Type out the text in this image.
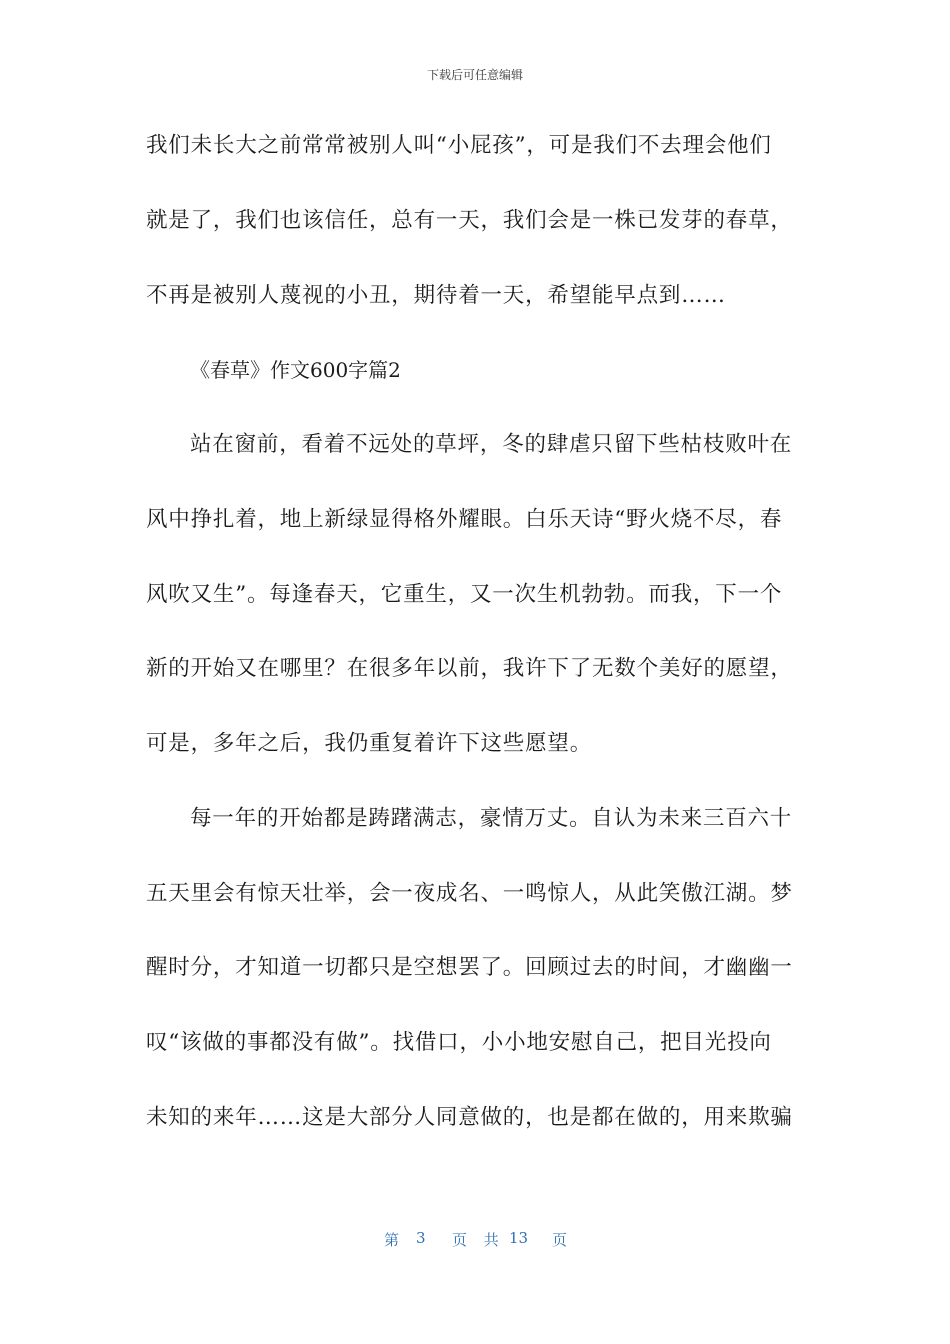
下载后可任意编辑
我们未长大之前常常被别人叫“小屁孩”，可是我们不去理会他们
就是了，我们也该信任，总有一天，我们会是一株已发芽的春草，
不再是被别人蔑视的小丑，期待着一天，希望能早点到……
《春草》作文600字篇2
站在窗前，看着不远处的草坪，冬的肆虐只留下些枯枝败叶在
风中挣扎着，地上新绿显得格外耀眼。白乐天诗“野火烧不尽，春
风吹又生”。每逢春天，它重生，又一次生机勃勃。而我，下一个
新的开始又在哪里？在很多年以前，我许下了无数个美好的愿望，
可是，多年之后，我仍重复着许下这些愿望。
每一年的开始都是踌躇满志，豪情万丈。自认为未来三百六十
五天里会有惊天壮举，会一夜成名、一鸣惊人，从此笑傲江湖。梦
醒时分，才知道一切都只是空想罢了。回顾过去的时间，才幽幽一
叹“该做的事都没有做”。找借口，小小地安慰自己，把目光投向
未知的来年……这是大部分人同意做的，也是都在做的，用来欺骗
第 3 页 共 13 页
